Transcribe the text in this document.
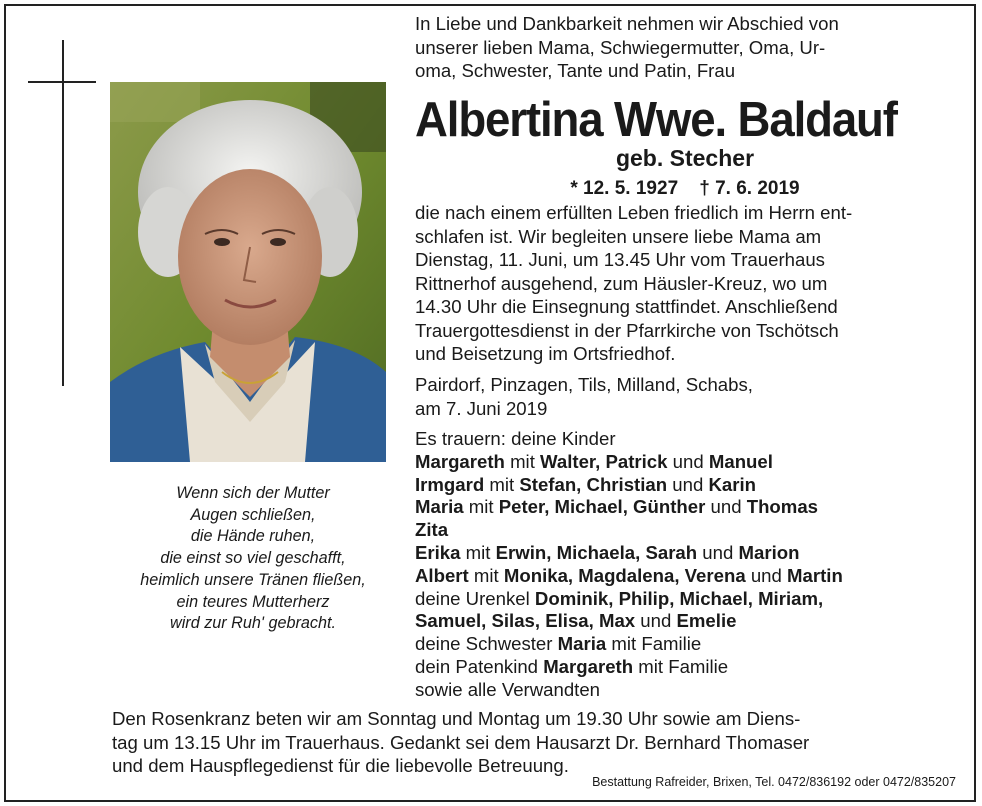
Wenn sich der Mutter
Augen schließen,
die Hände ruhen,
die einst so viel geschafft,
heimlich unsere Tränen fließen,
ein teures Mutterherz
wird zur Ruh' gebracht.
In Liebe und Dankbarkeit nehmen wir Abschied von
unserer lieben Mama, Schwiegermutter, Oma, Ur-
oma, Schwester, Tante und Patin, Frau
Albertina Wwe. Baldauf
geb. Stecher
* 12. 5. 1927    † 7. 6. 2019
die nach einem erfüllten Leben friedlich im Herrn ent-
schlafen ist. Wir begleiten unsere liebe Mama am
Dienstag, 11. Juni, um 13.45 Uhr vom Trauerhaus
Rittnerhof ausgehend, zum Häusler-Kreuz, wo um
14.30 Uhr die Einsegnung stattfindet. Anschließend
Trauergottesdienst in der Pfarrkirche von Tschötsch
und Beisetzung im Ortsfriedhof.
Pairdorf, Pinzagen, Tils, Milland, Schabs,
am 7. Juni 2019
Es trauern: deine Kinder
Margareth mit Walter, Patrick und Manuel
Irmgard mit Stefan, Christian und Karin
Maria mit Peter, Michael, Günther und Thomas
Zita
Erika mit Erwin, Michaela, Sarah und Marion
Albert mit Monika, Magdalena, Verena und Martin
deine Urenkel Dominik, Philip, Michael, Miriam,
Samuel, Silas, Elisa, Max und Emelie
deine Schwester Maria mit Familie
dein Patenkind Margareth mit Familie
sowie alle Verwandten
Den Rosenkranz beten wir am Sonntag und Montag um 19.30 Uhr sowie am Diens-
tag um 13.15 Uhr im Trauerhaus. Gedankt sei dem Hausarzt Dr. Bernhard Thomaser
und dem Hauspflegedienst für die liebevolle Betreuung.
Bestattung Rafreider, Brixen, Tel. 0472/836192 oder 0472/835207
